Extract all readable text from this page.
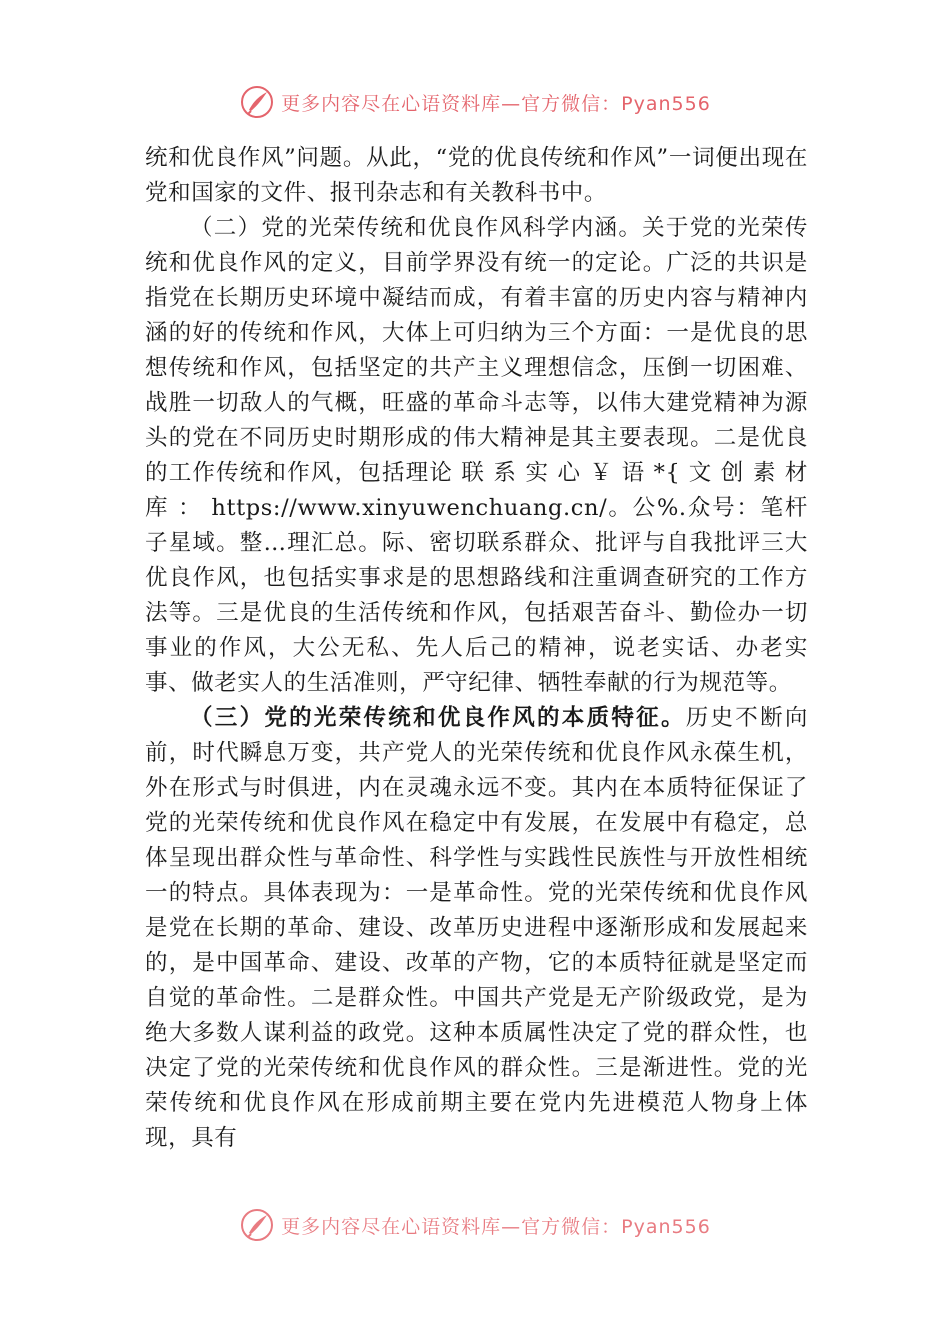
更多内容尽在心语资料库—官方微信：Pyan556

统和优良作风”问题。从此，“党的优良传统和作风”一词便出现在党和国家的文件、报刊杂志和有关教科书中。

（二）党的光荣传统和优良作风科学内涵。关于党的光荣传统和优良作风的定义，目前学界没有统一的定论。广泛的共识是指党在长期历史环境中凝结而成，有着丰富的历史内容与精神内涵的好的传统和作风，大体上可归纳为三个方面：一是优良的思想传统和作风，包括坚定的共产主义理想信念，压倒一切困难、战胜一切敌人的气概，旺盛的革命斗志等，以伟大建党精神为源头的党在不同历史时期形成的伟大精神是其主要表现。二是优良的工作传统和作风，包括理论 联 系 实 心 ￥ 语 *{ 文 创 素 材 库 ： https://www.xinyuwenchuang.cn/。公%.众号：笔杆子星域。整…理汇总。际、密切联系群众、批评与自我批评三大优良作风，也包括实事求是的思想路线和注重调查研究的工作方法等。三是优良的生活传统和作风，包括艰苦奋斗、勤俭办一切事业的作风，大公无私、先人后己的精神，说老实话、办老实事、做老实人的生活准则，严守纪律、牺牲奉献的行为规范等。

（三）党的光荣传统和优良作风的本质特征。历史不断向前，时代瞬息万变，共产党人的光荣传统和优良作风永葆生机，外在形式与时俱进，内在灵魂永远不变。其内在本质特征保证了党的光荣传统和优良作风在稳定中有发展，在发展中有稳定，总体呈现出群众性与革命性、科学性与实践性民族性与开放性相统一的特点。具体表现为：一是革命性。党的光荣传统和优良作风是党在长期的革命、建设、改革历史进程中逐渐形成和发展起来的，是中国革命、建设、改革的产物，它的本质特征就是坚定而自觉的革命性。二是群众性。中国共产党是无产阶级政党，是为绝大多数人谋利益的政党。这种本质属性决定了党的群众性，也决定了党的光荣传统和优良作风的群众性。三是渐进性。党的光荣传统和优良作风在形成前期主要在党内先进模范人物身上体现，具有

更多内容尽在心语资料库—官方微信：Pyan556
